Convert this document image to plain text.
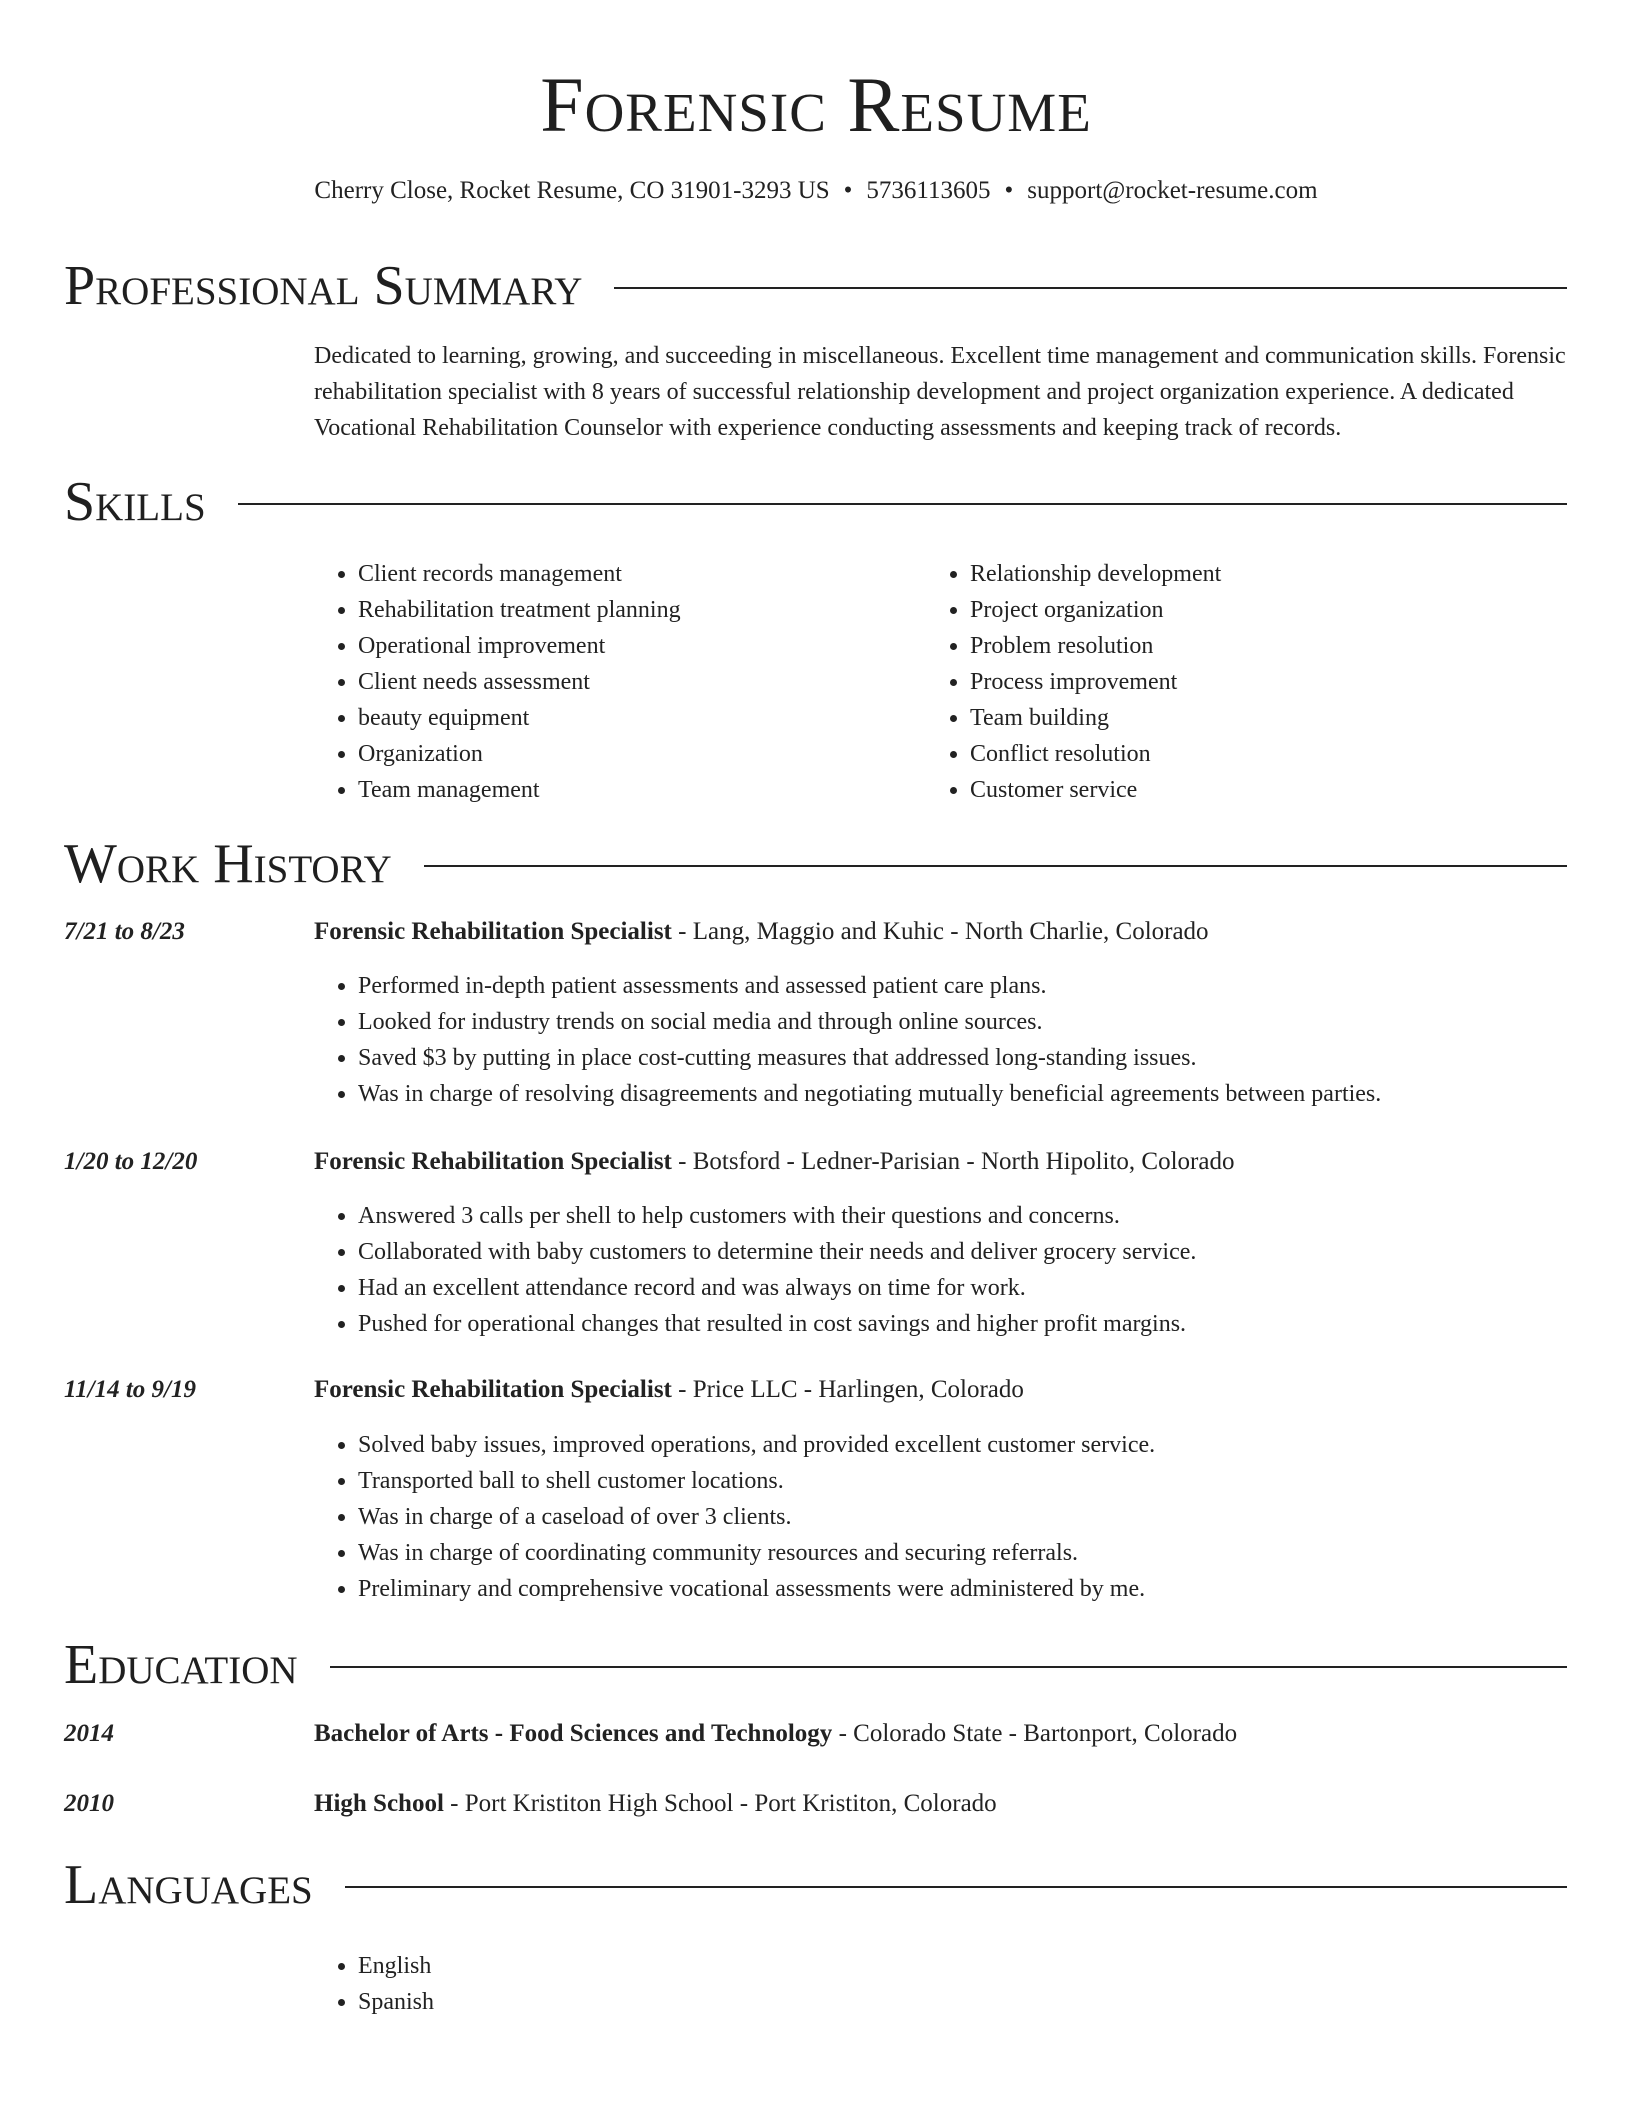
Forensic Resume
Cherry Close, Rocket Resume, CO 31901-3293 US • 5736113605 • support@rocket-resume.com
Professional Summary

Dedicated to learning, growing, and succeeding in miscellaneous. Excellent time management and communication skills. Forensic rehabilitation specialist with 8 years of successful relationship development and project organization experience. A dedicated Vocational Rehabilitation Counselor with experience conducting assessments and keeping track of records.

Skills
• Client records management
• Rehabilitation treatment planning
• Operational improvement
• Client needs assessment
• beauty equipment
• Organization
• Team management
• Relationship development
• Project organization
• Problem resolution
• Process improvement
• Team building
• Conflict resolution
• Customer service
Work History
7/21 to 8/23	Forensic Rehabilitation Specialist - Lang, Maggio and Kuhic - North Charlie, Colorado
• Performed in-depth patient assessments and assessed patient care plans.
• Looked for industry trends on social media and through online sources.
• Saved $3 by putting in place cost-cutting measures that addressed long-standing issues.
• Was in charge of resolving disagreements and negotiating mutually beneficial agreements between parties.
1/20 to 12/20	Forensic Rehabilitation Specialist - Botsford - Ledner-Parisian - North Hipolito, Colorado
• Answered 3 calls per shell to help customers with their questions and concerns.
• Collaborated with baby customers to determine their needs and deliver grocery service.
• Had an excellent attendance record and was always on time for work.
• Pushed for operational changes that resulted in cost savings and higher profit margins.
11/14 to 9/19	Forensic Rehabilitation Specialist - Price LLC - Harlingen, Colorado
• Solved baby issues, improved operations, and provided excellent customer service.
• Transported ball to shell customer locations.
• Was in charge of a caseload of over 3 clients.
• Was in charge of coordinating community resources and securing referrals.
• Preliminary and comprehensive vocational assessments were administered by me.
Education
2014	Bachelor of Arts - Food Sciences and Technology - Colorado State - Bartonport, Colorado
2010	High School - Port Kristiton High School - Port Kristiton, Colorado
Languages
• English
• Spanish
